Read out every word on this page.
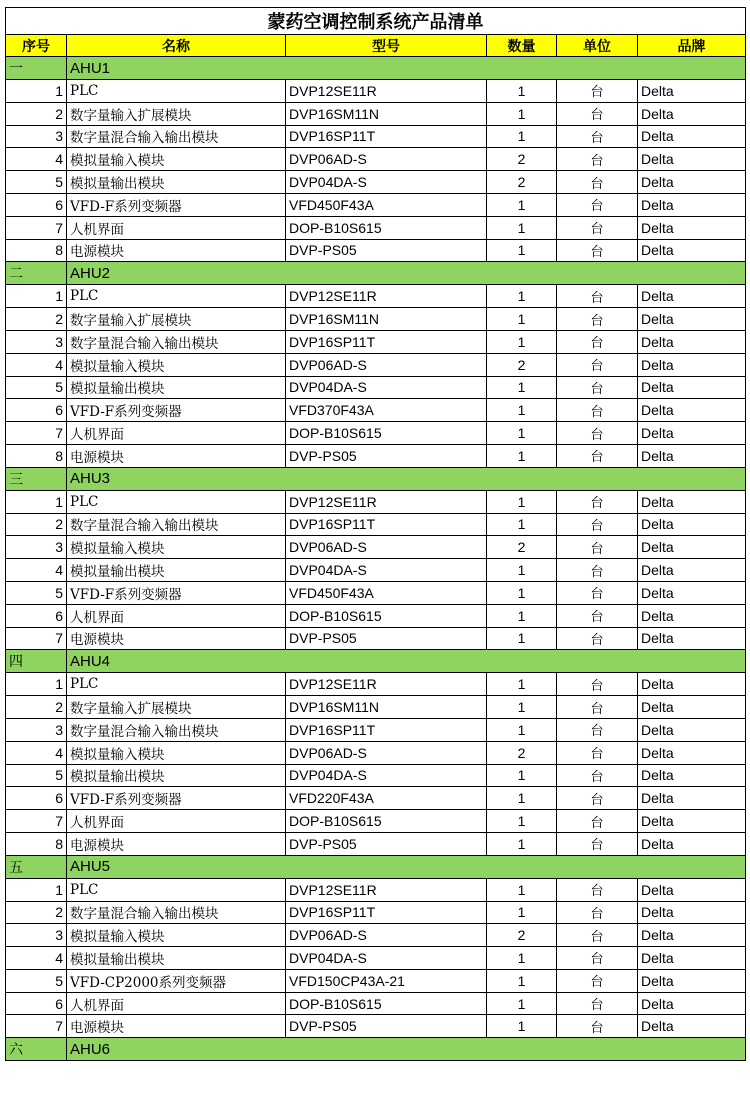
蒙药空调控制系统产品清单					
序号	名称	型号	数量	单位	品牌
一	AHU1				
1	PLC	DVP12SE11R	1	台	Delta
2	数字量输入扩展模块	DVP16SM11N	1	台	Delta
3	数字量混合输入输出模块	DVP16SP11T	1	台	Delta
4	模拟量输入模块	DVP06AD-S	2	台	Delta
5	模拟量输出模块	DVP04DA-S	2	台	Delta
6	VFD-F系列变频器	VFD450F43A	1	台	Delta
7	人机界面	DOP-B10S615	1	台	Delta
8	电源模块	DVP-PS05	1	台	Delta
二	AHU2				
1	PLC	DVP12SE11R	1	台	Delta
2	数字量输入扩展模块	DVP16SM11N	1	台	Delta
3	数字量混合输入输出模块	DVP16SP11T	1	台	Delta
4	模拟量输入模块	DVP06AD-S	2	台	Delta
5	模拟量输出模块	DVP04DA-S	1	台	Delta
6	VFD-F系列变频器	VFD370F43A	1	台	Delta
7	人机界面	DOP-B10S615	1	台	Delta
8	电源模块	DVP-PS05	1	台	Delta
三	AHU3				
1	PLC	DVP12SE11R	1	台	Delta
2	数字量混合输入输出模块	DVP16SP11T	1	台	Delta
3	模拟量输入模块	DVP06AD-S	2	台	Delta
4	模拟量输出模块	DVP04DA-S	1	台	Delta
5	VFD-F系列变频器	VFD450F43A	1	台	Delta
6	人机界面	DOP-B10S615	1	台	Delta
7	电源模块	DVP-PS05	1	台	Delta
四	AHU4				
1	PLC	DVP12SE11R	1	台	Delta
2	数字量输入扩展模块	DVP16SM11N	1	台	Delta
3	数字量混合输入输出模块	DVP16SP11T	1	台	Delta
4	模拟量输入模块	DVP06AD-S	2	台	Delta
5	模拟量输出模块	DVP04DA-S	1	台	Delta
6	VFD-F系列变频器	VFD220F43A	1	台	Delta
7	人机界面	DOP-B10S615	1	台	Delta
8	电源模块	DVP-PS05	1	台	Delta
五	AHU5				
1	PLC	DVP12SE11R	1	台	Delta
2	数字量混合输入输出模块	DVP16SP11T	1	台	Delta
3	模拟量输入模块	DVP06AD-S	2	台	Delta
4	模拟量输出模块	DVP04DA-S	1	台	Delta
5	VFD-CP2000系列变频器	VFD150CP43A-21	1	台	Delta
6	人机界面	DOP-B10S615	1	台	Delta
7	电源模块	DVP-PS05	1	台	Delta
六	AHU6				
